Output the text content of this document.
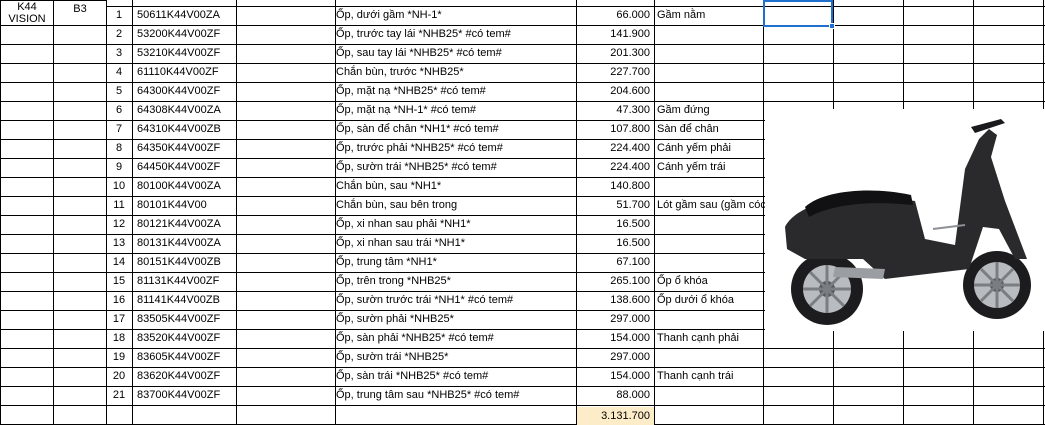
K44
VISION
B3	1	50611K44V00ZA	Ốp, dưới gầm *NH-1*	66.000 Gầm nằm
2	53200K44V00ZF	Ốp, trước tay lái *NHB25* #có tem#	141.900
3	53210K44V00ZF	Ốp, sau tay lái *NHB25* #có tem#	201.300
4	61110K44V00ZF	Chắn bùn, trước *NHB25*	227.700
5	64300K44V00ZF	Ốp, mặt nạ *NHB25* #có tem#	204.600
6	64308K44V00ZA	Ốp, mặt nạ *NH-1* #có tem#	47.300 Gầm đứng
7	64310K44V00ZB	Ốp, sàn để chân *NH1* #có tem#	107.800 Sàn để chân
8	64350K44V00ZF	Ốp, trước phải *NHB25* #có tem#	224.400 Cánh yếm phải
9	64450K44V00ZF	Ốp, sườn trái *NHB25* #có tem#	224.400 Cánh yếm trái
10	80100K44V00ZA	Chắn bùn, sau *NH1*	140.800
11	80101K44V00	Chắn bùn, sau bên trong	51.700 Lót gầm sau (gầm cóc)
12	80121K44V00ZA	Ốp, xi nhan sau phải *NH1*	16.500
13	80131K44V00ZA	Ốp, xi nhan sau trái *NH1*	16.500
14	80151K44V00ZB	Ốp, trung tâm *NH1*	67.100
15	81131K44V00ZF	Ốp, trên trong *NHB25*	265.100 Ốp ổ khóa
16	81141K44V00ZB	Ốp, sườn trước trái *NH1* #có tem#	138.600 Ốp dưới ổ khóa
17	83505K44V00ZF	Ốp, sườn phải *NHB25*	297.000
18	83520K44V00ZF	Ốp, sàn phải *NHB25* #có tem#	154.000 Thanh cạnh phải
19	83605K44V00ZF	Ốp, sườn trái *NHB25*	297.000
20	83620K44V00ZF	Ốp, sàn trái *NHB25* #có tem#	154.000 Thanh cạnh trái
21	83700K44V00ZF	Ốp, trung tâm sau *NHB25* #có tem#	88.000
3.131.700
